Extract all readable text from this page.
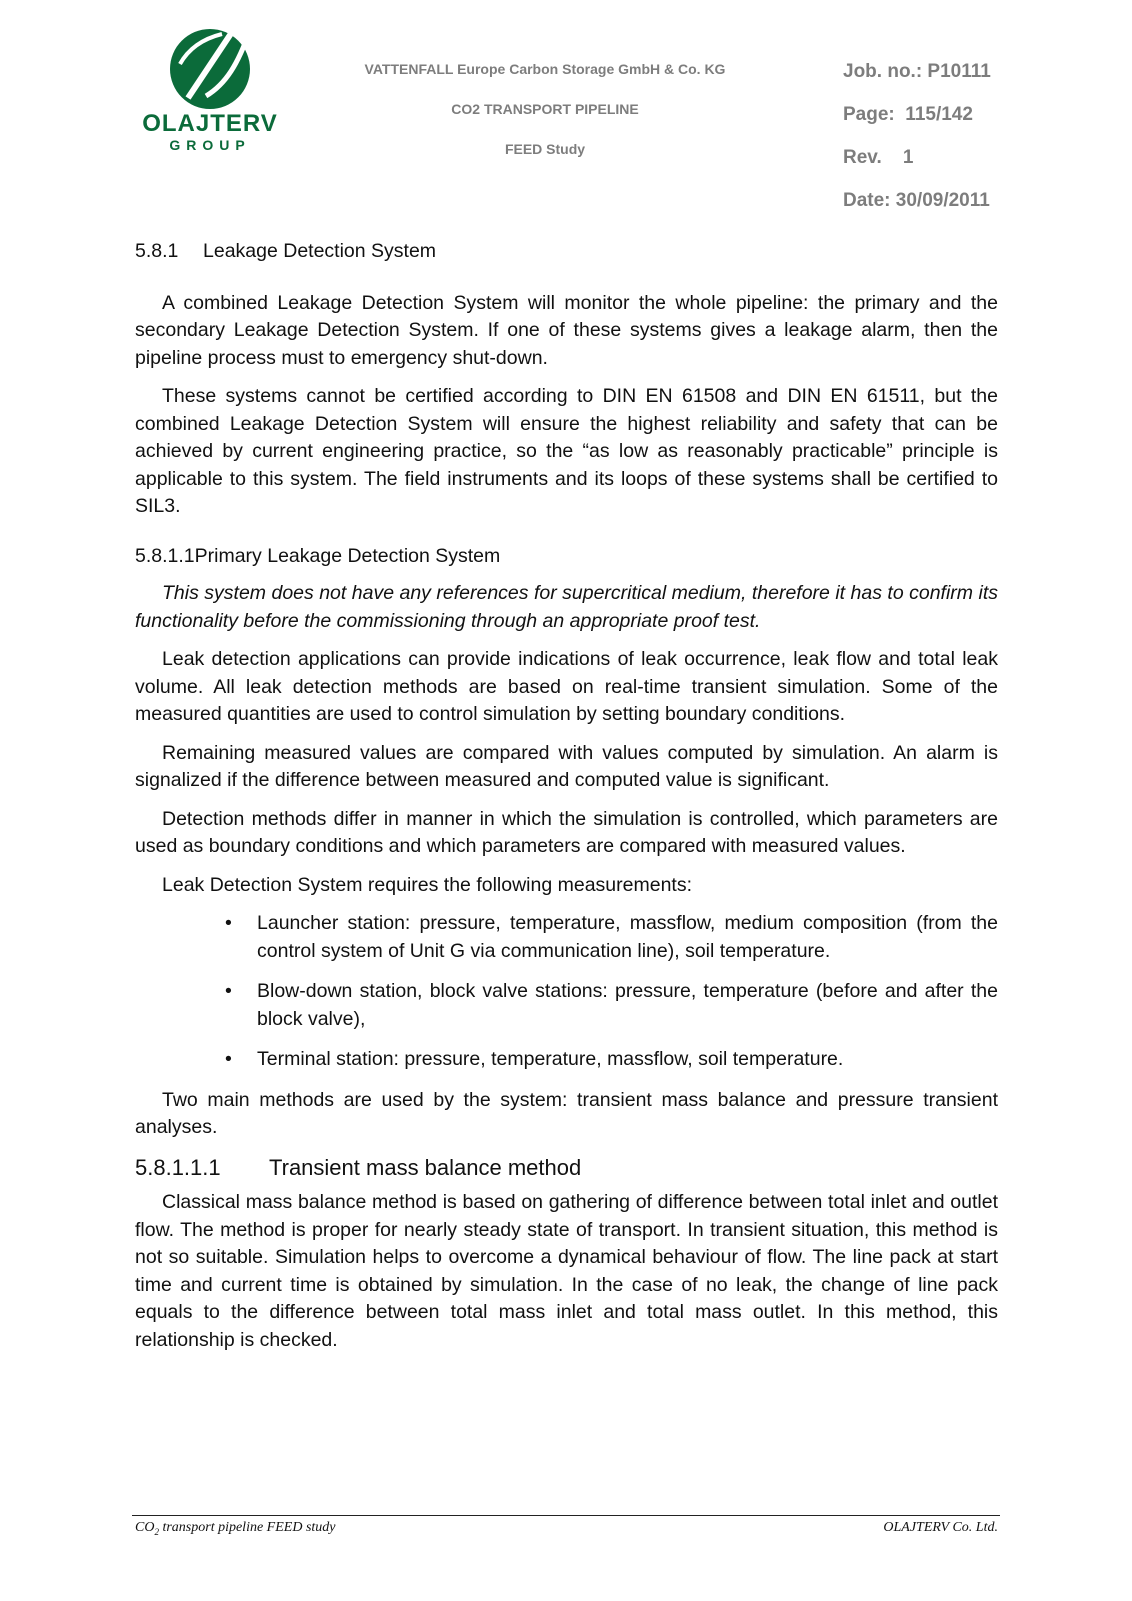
OLAJTERV
GROUP
VATTENFALL Europe Carbon Storage GmbH & Co. KG
CO2 TRANSPORT PIPELINE
FEED Study
Job. no.: P10111
Page:  115/142
Rev.    1
Date: 30/09/2011
5.8.1 Leakage Detection System

A combined Leakage Detection System will monitor the whole pipeline: the primary and the secondary Leakage Detection System. If one of these systems gives a leakage alarm, then the pipeline process must to emergency shut-down.

These systems cannot be certified according to DIN EN 61508 and DIN EN 61511, but the combined Leakage Detection System will ensure the highest reliability and safety that can be achieved by current engineering practice, so the “as low as reasonably practicable” principle is applicable to this system. The field instruments and its loops of these systems shall be certified to SIL3.

5.8.1.1Primary Leakage Detection System

This system does not have any references for supercritical medium, therefore it has to confirm its functionality before the commissioning through an appropriate proof test.

Leak detection applications can provide indications of leak occurrence, leak flow and total leak volume. All leak detection methods are based on real-time transient simulation. Some of the measured quantities are used to control simulation by setting boundary conditions.

Remaining measured values are compared with values computed by simulation. An alarm is signalized if the difference between measured and computed value is significant.

Detection methods differ in manner in which the simulation is controlled, which parameters are used as boundary conditions and which parameters are compared with measured values.

Leak Detection System requires the following measurements:

• Launcher station: pressure, temperature, massflow, medium composition (from the control system of Unit G via communication line), soil temperature.
• Blow-down station, block valve stations: pressure, temperature (before and after the block valve),
• Terminal station: pressure, temperature, massflow, soil temperature.

Two main methods are used by the system: transient mass balance and pressure transient analyses.

5.8.1.1.1 Transient mass balance method

Classical mass balance method is based on gathering of difference between total inlet and outlet flow. The method is proper for nearly steady state of transport. In transient situation, this method is not so suitable. Simulation helps to overcome a dynamical behaviour of flow. The line pack at start time and current time is obtained by simulation. In the case of no leak, the change of line pack equals to the difference between total mass inlet and total mass outlet. In this method, this relationship is checked.

$CO_2$ transport pipeline FEED study	OLAJTERV Co. Ltd.
